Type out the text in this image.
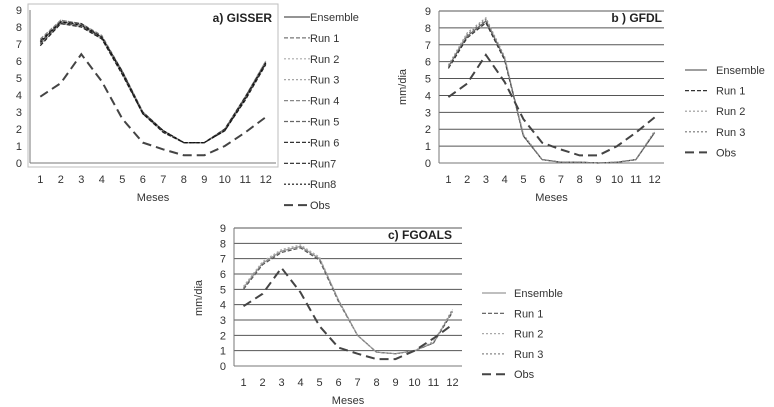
0
1
2
3
4
5
6
7
8
9
1 2 3 4 5 6 7 8 9 10 11 12
Meses
a) GISSER	Ensemble
Run 1
Run 2
Run 3
Run 4
Run 5
Run 6
Run7
Run8
Obs
0
1
2
3
4
5
6
7
8
9
1 2 3 4 5 6 7 8 9 10 11 12
Meses
mm/dia
b ) GFDL
Ensemble
Run 1
Run 2
Run 3
Obs
0
1
2
3
4
5
6
7
8
9
1 2 3 4 5 6 7 8 9 10 11 12
Meses
mm/dia
c) FGOALS
Ensemble
Run 1
Run 2
Run 3
Obs
